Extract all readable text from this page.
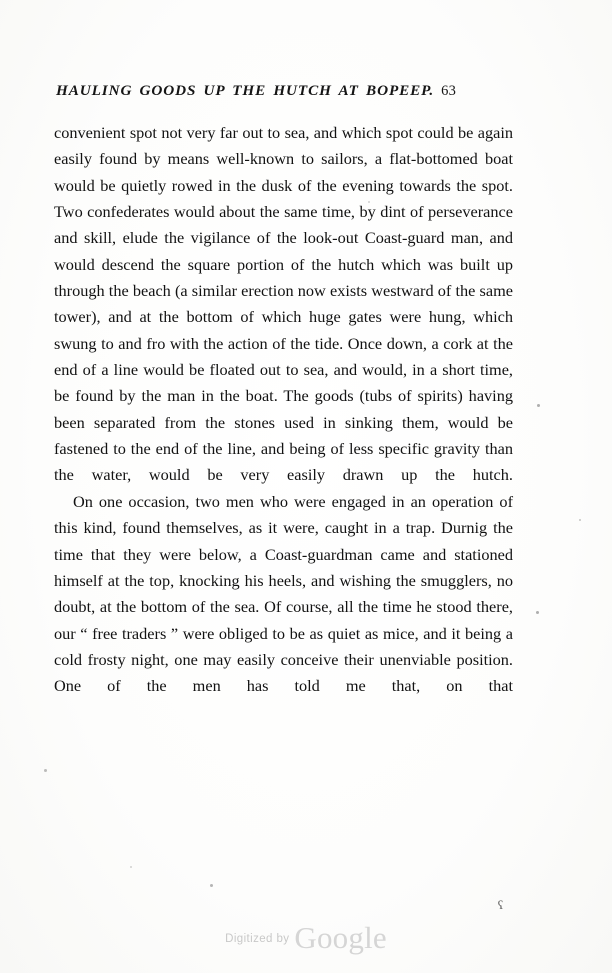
HAULING GOODS UP THE HUTCH AT BOPEEP. 63

convenient spot not very far out to sea, and which spot could be again easily found by means well-known to sailors, a flat-bottomed boat would be quietly rowed in the dusk of the evening towards the spot. Two confederates would about the same time, by dint of perseverance and skill, elude the vigilance of the look-out Coast-guard man, and would descend the square portion of the hutch which was built up through the beach (a similar erection now exists westward of the same tower), and at the bottom of which huge gates were hung, which swung to and fro with the action of the tide. Once down, a cork at the end of a line would be floated out to sea, and would, in a short time, be found by the man in the boat. The goods (tubs of spirits) having been separated from the stones used in sinking them, would be fastened to the end of the line, and being of less specific gravity than the water, would be very easily drawn up the hutch.

On one occasion, two men who were engaged in an operation of this kind, found themselves, as it were, caught in a trap. Durnig the time that they were below, a Coast-guardman came and stationed himself at the top, knocking his heels, and wishing the smugglers, no doubt, at the bottom of the sea. Of course, all the time he stood there, our “ free traders ” were obliged to be as quiet as mice, and it being a cold frosty night, one may easily conceive their unenviable position. One of the men has told me that, on that

ʕ
$^{Digitized by}$ Google
